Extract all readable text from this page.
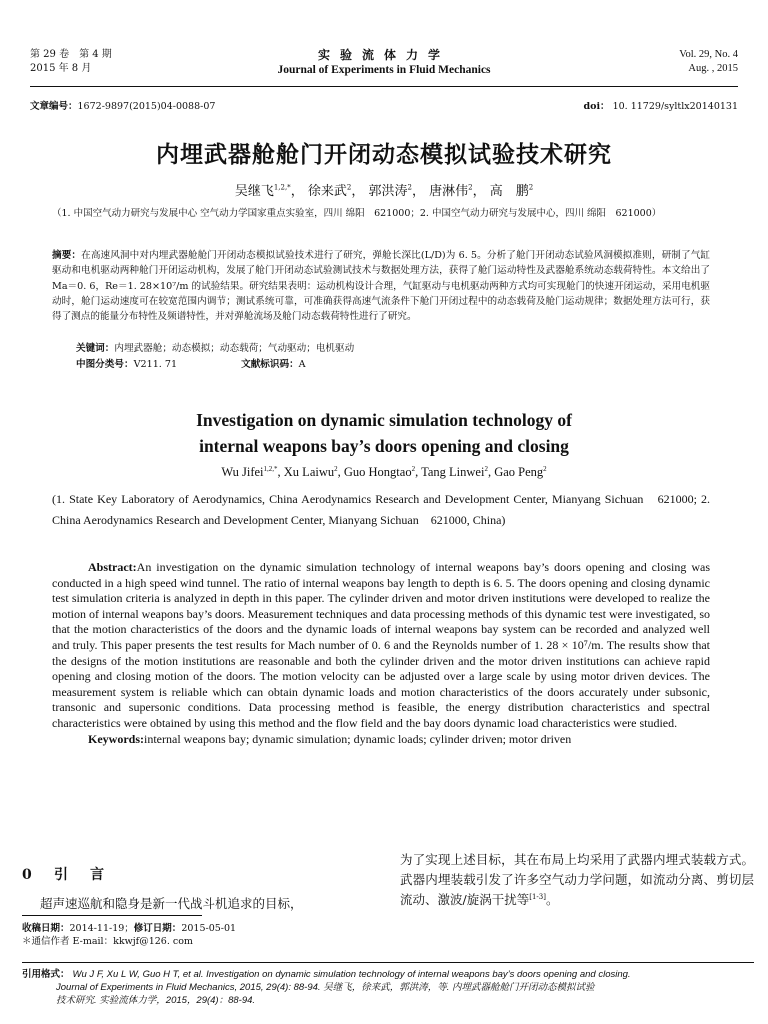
第 29 卷　第 4 期
2015 年 8 月
实验流体力学
Journal of Experiments in Fluid Mechanics
Vol. 29, No. 4
Aug. , 2015
文章编号：1672-9897(2015)04-0088-07	doi： 10. 11729/syltlx20140131
内埋武器舱舱门开闭动态模拟试验技术研究
吴继飞$^{1,2,*}$， 徐来武$^2$， 郭洪涛$^2$， 唐淋伟$^2$， 高　鹏$^2$
（1. 中国空气动力研究与发展中心 空气动力学国家重点实验室，四川 绵阳　621000；2. 中国空气动力研究与发展中心，四川 绵阳　621000）
摘要：在高速风洞中对内埋武器舱舱门开闭动态模拟试验技术进行了研究，弹舱长深比(L/D)为 6. 5。分析了舱门开闭动态试验风洞模拟准则，研制了气缸驱动和电机驱动两种舱门开闭运动机构，发展了舱门开闭动态试验测试技术与数据处理方法，获得了舱门运动特性及武器舱系统动态载荷特性。本文给出了 Ma＝0. 6，Re＝1. 28×10⁷/m 的试验结果。研究结果表明：运动机构设计合理，气缸驱动与电机驱动两种方式均可实现舱门的快速开闭运动，采用电机驱动时，舱门运动速度可在较宽范围内调节；测试系统可靠，可准确获得高速气流条件下舱门开闭过程中的动态载荷及舱门运动规律；数据处理方法可行，获得了测点的能量分布特性及频谱特性，并对弹舱流场及舱门动态载荷特性进行了研究。
关键词：内埋武器舱；动态模拟；动态载荷；气动驱动；电机驱动
中图分类号：V211. 71	文献标识码：A
Investigation on dynamic simulation technology of
internal weapons bay’s doors opening and closing
Wu Jifei$^{1,2,*}$, Xu Laiwu$^2$, Guo Hongtao$^2$, Tang Linwei$^2$, Gao Peng$^2$
(1. State Key Laboratory of Aerodynamics, China Aerodynamics Research and Development Center, Mianyang Sichuan　621000; 2. China Aerodynamics Research and Development Center, Mianyang Sichuan　621000, China)
Abstract:An investigation on the dynamic simulation technology of internal weapons bay’s doors opening and closing was conducted in a high speed wind tunnel. The ratio of internal weapons bay length to depth is 6. 5. The doors opening and closing dynamic test simulation criteria is analyzed in depth in this paper. The cylinder driven and motor driven institutions were developed to realize the motion of internal weapons bay’s doors. Measurement techniques and data processing methods of this dynamic test were investigated, so that the motion characteristics of the doors and the dynamic loads of internal weapons bay system can be recorded and analyzed well and truly. This paper presents the test results for Mach number of 0. 6 and the Reynolds number of 1. 28 × 10⁷/m. The results show that the designs of the motion institutions are reasonable and both the cylinder driven and the motor driven institutions can achieve rapid opening and closing motion of the doors. The motion velocity can be adjusted over a large scale by using motor driven devices. The measurement system is reliable which can obtain dynamic loads and motion characteristics of the doors accurately under subsonic, transonic and supersonic conditions. Data processing method is feasible, the energy distribution characteristics and spectral characteristics were obtained by using this method and the flow field and the bay doors dynamic load characteristics were studied.
Keywords:internal weapons bay; dynamic simulation; dynamic loads; cylinder driven; motor driven
0 引言
超声速巡航和隐身是新一代战斗机追求的目标，
为了实现上述目标，其在布局上均采用了武器内埋式装载方式。武器内埋装载引发了许多空气动力学问题，如流动分离、剪切层流动、激波/旋涡干扰等[1-3]。
收稿日期：2014-11-19；修订日期：2015-05-01
＊通信作者 E-mail：kkwjf@126. com
引用格式： Wu J F, Xu L W, Guo H T, et al. Investigation on dynamic simulation technology of internal weapons bay’s doors opening and closing.
Journal of Experiments in Fluid Mechanics, 2015, 29(4): 88-94. 吴继飞，徐来武，郭洪涛，等. 内埋武器舱舱门开闭动态模拟试验
技术研究. 实验流体力学，2015，29(4)：88-94.
